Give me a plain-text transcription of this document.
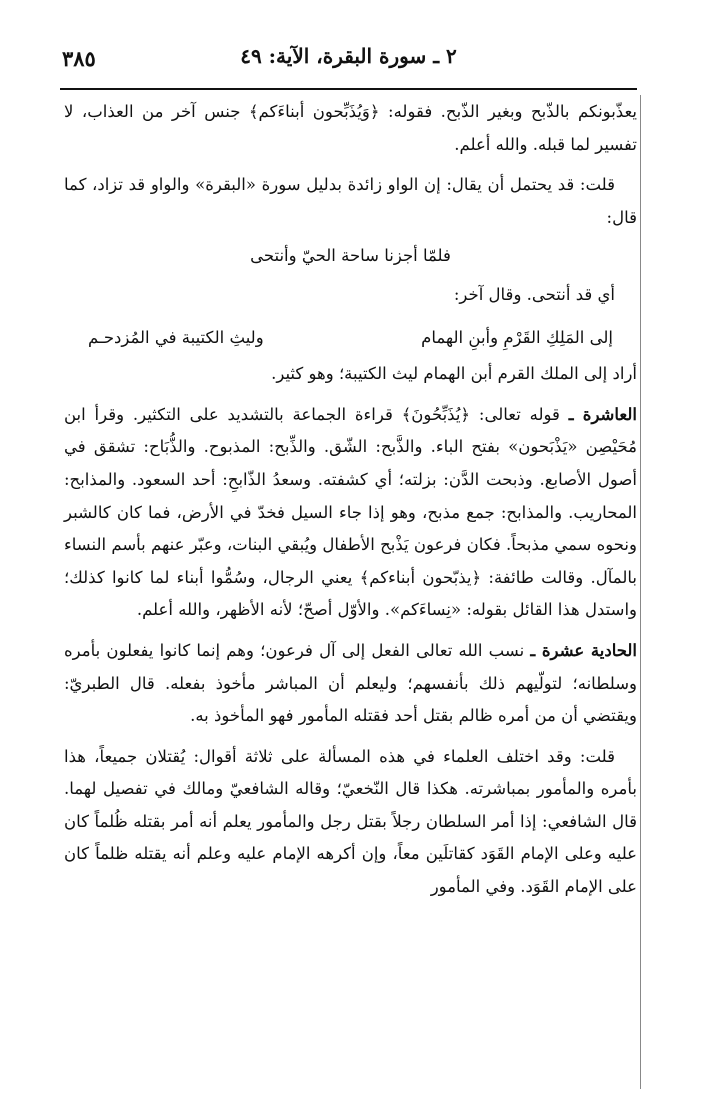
٢ ـ سورة البقرة، الآية: ٤٩
٣٨٥

يعذّبونكم بالذّبح وبغير الذّبح. فقوله: ﴿وَيُذَبِّحون أبناءَكم﴾ جنس آخر من العذاب، لا تفسير لما قبله. والله أعلم.

قلت: قد يحتمل أن يقال: إن الواو زائدة بدليل سورة «البقرة» والواو قد تزاد، كما قال:

فلمّا أجزنا ساحة الحيّ وأنتحى

أي قد أنتحى. وقال آخر:

إلى المَلِكِ القَرْمِ وأبنِ الهمام
وليثِ الكتيبة في المُزدحـم

أراد إلى الملك القرم أبن الهمام ليث الكتيبة؛ وهو كثير.

العاشرة ـ قوله تعالى: ﴿يُذَبِّحُونَ﴾ قراءة الجماعة بالتشديد على التكثير. وقرأ ابن مُحَيْصِن «يَذْبَحون» بفتح الباء. والذَّبح: الشّق. والذِّبح: المذبوح. والذُّبَاح: تشقق في أصول الأصابع. وذبحت الدَّن: بزلته؛ أي كشفته. وسعدُ الذّابحِ: أحد السعود. والمذابح: المحاريب. والمذابح: جمع مذبح، وهو إذا جاء السيل فخدّ في الأرض، فما كان كالشبر ونحوه سمي مذبحاً. فكان فرعون يَذْبح الأطفال ويُبقي البنات، وعبّر عنهم بأسم النساء بالمآل. وقالت طائفة: ﴿يذبّحون أبناءكم﴾ يعني الرجال، وسُمُّوا أبناء لما كانوا كذلك؛ واستدل هذا القائل بقوله: «نِساءَكم». والأوّل أصحّ؛ لأنه الأظهر، والله أعلم.

الحادية عشرة ـ نسب الله تعالى الفعل إلى آل فرعون؛ وهم إنما كانوا يفعلون بأمره وسلطانه؛ لتولّيهم ذلك بأنفسهم؛ وليعلم أن المباشر مأخوذ بفعله. قال الطبريّ: ويقتضي أن من أمره ظالم بقتل أحد فقتله المأمور فهو المأخوذ به.

قلت: وقد اختلف العلماء في هذه المسألة على ثلاثة أقوال: يُقتلان جميعاً، هذا بأمره والمأمور بمباشرته. هكذا قال النّخعيّ؛ وقاله الشافعيّ ومالك في تفصيل لهما. قال الشافعي: إذا أمر السلطان رجلاً بقتل رجل والمأمور يعلم أنه أمر بقتله ظُلماً كان عليه وعلى الإمام القَوَد كقاتلَين معاً، وإن أكرهه الإمام عليه وعلم أنه يقتله ظلماً كان على الإمام القَوَد. وفي المأمور
